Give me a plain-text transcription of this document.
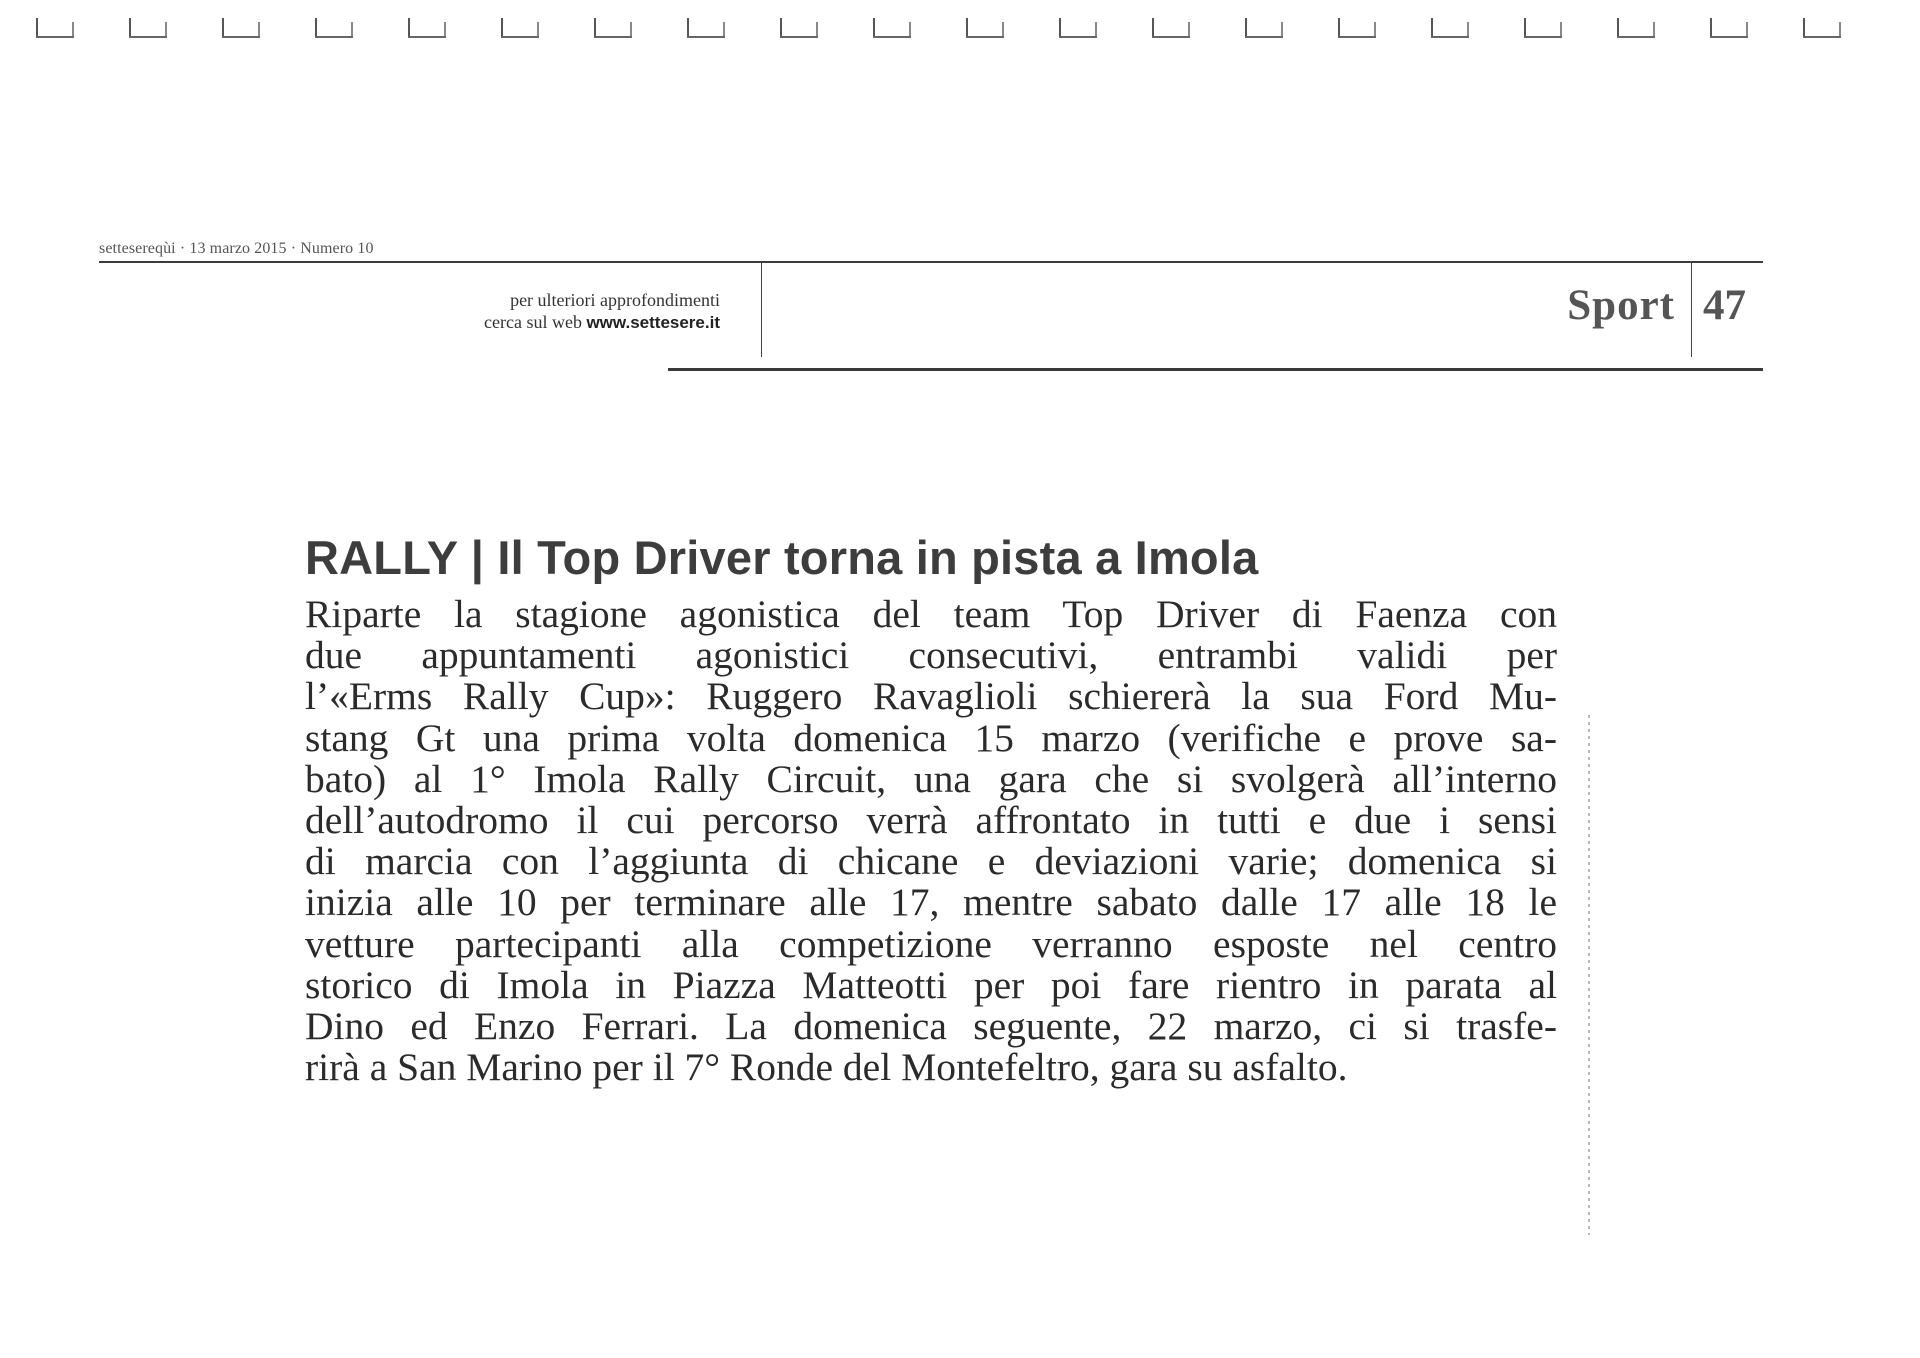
settesereqùi · 13 marzo 2015 · Numero 10
per ulteriori approfondimenti
cerca sul web www.settesere.it	Sport 47
RALLY | Il Top Driver torna in pista a Imola
Riparte la stagione agonistica del team Top Driver di Faenza con
due appuntamenti agonistici consecutivi, entrambi validi per
l’«Erms Rally Cup»: Ruggero Ravaglioli schiererà la sua Ford Mu-
stang Gt una prima volta domenica 15 marzo (verifiche e prove sa-
bato) al 1° Imola Rally Circuit, una gara che si svolgerà all’interno
dell’autodromo il cui percorso verrà affrontato in tutti e due i sensi
di marcia con l’aggiunta di chicane e deviazioni varie; domenica si
inizia alle 10 per terminare alle 17, mentre sabato dalle 17 alle 18 le
vetture partecipanti alla competizione verranno esposte nel centro
storico di Imola in Piazza Matteotti per poi fare rientro in parata al
Dino ed Enzo Ferrari. La domenica seguente, 22 marzo, ci si trasfe-
rirà a San Marino per il 7° Ronde del Montefeltro, gara su asfalto.
